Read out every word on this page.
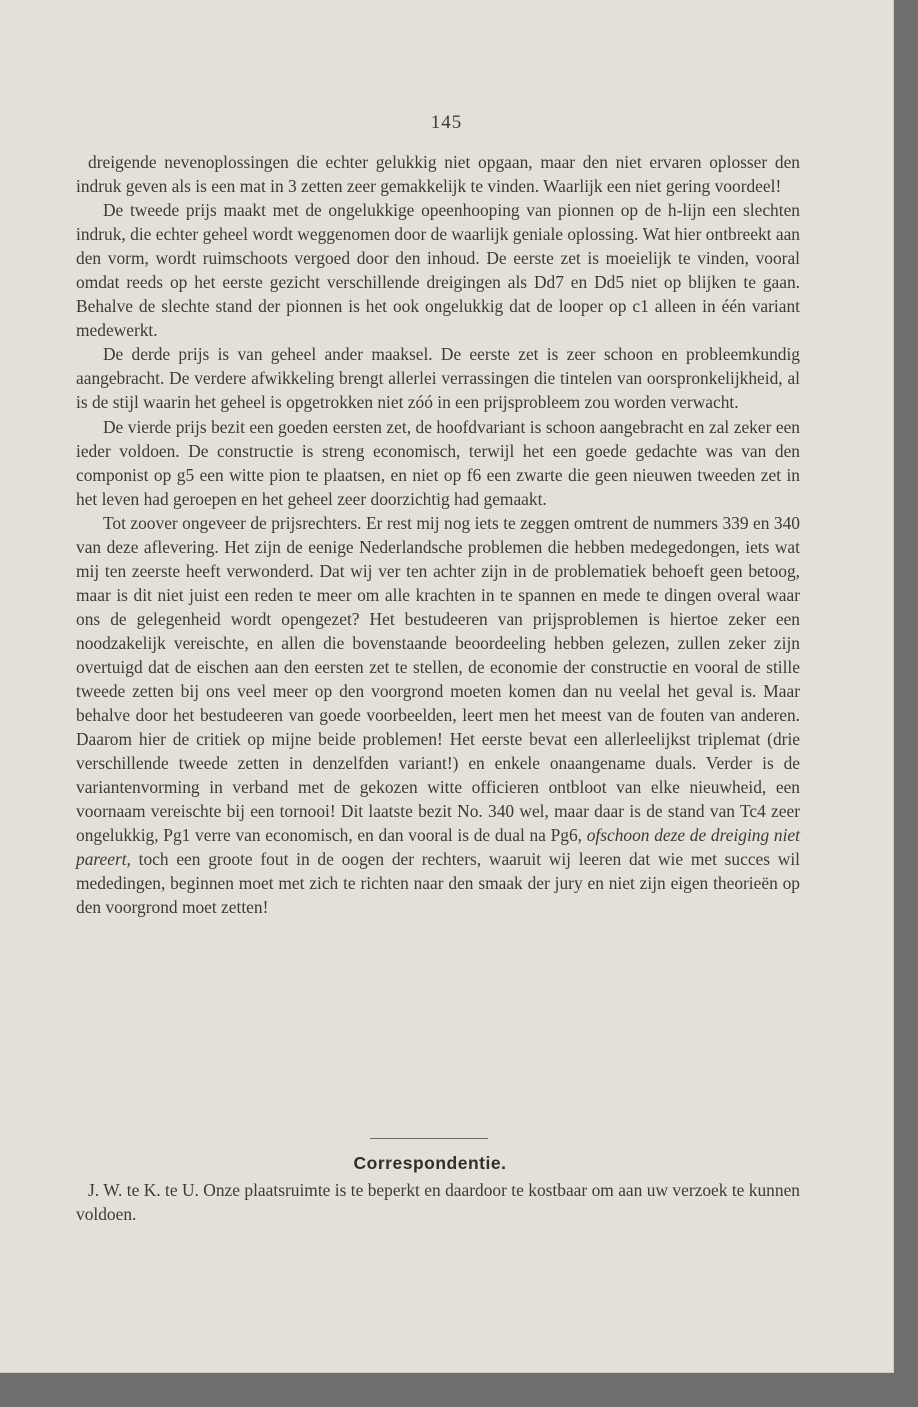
145

dreigende nevenoplossingen die echter gelukkig niet opgaan, maar den niet ervaren oplosser den indruk geven als is een mat in 3 zetten zeer gemakkelijk te vinden. Waarlijk een niet gering voordeel!

De tweede prijs maakt met de ongelukkige opeenhooping van pionnen op de h-lijn een slechten indruk, die echter geheel wordt weggenomen door de waarlijk geniale oplossing. Wat hier ontbreekt aan den vorm, wordt ruimschoots vergoed door den inhoud. De eerste zet is moeielijk te vinden, vooral omdat reeds op het eerste gezicht verschillende dreigingen als Dd7 en Dd5 niet op blijken te gaan. Behalve de slechte stand der pionnen is het ook ongelukkig dat de looper op c1 alleen in één variant medewerkt.

De derde prijs is van geheel ander maaksel. De eerste zet is zeer schoon en probleemkundig aangebracht. De verdere afwikkeling brengt allerlei verrassingen die tintelen van oorspronkelijkheid, al is de stijl waarin het geheel is opgetrokken niet zóó in een prijsprobleem zou worden verwacht.

De vierde prijs bezit een goeden eersten zet, de hoofdvariant is schoon aangebracht en zal zeker een ieder voldoen. De constructie is streng economisch, terwijl het een goede gedachte was van den componist op g5 een witte pion te plaatsen, en niet op f6 een zwarte die geen nieuwen tweeden zet in het leven had geroepen en het geheel zeer doorzichtig had gemaakt.

Tot zoover ongeveer de prijsrechters. Er rest mij nog iets te zeggen omtrent de nummers 339 en 340 van deze aflevering. Het zijn de eenige Nederlandsche problemen die hebben medegedongen, iets wat mij ten zeerste heeft verwonderd. Dat wij ver ten achter zijn in de problematiek behoeft geen betoog, maar is dit niet juist een reden te meer om alle krachten in te spannen en mede te dingen overal waar ons de gelegenheid wordt opengezet? Het bestudeeren van prijsproblemen is hiertoe zeker een noodzakelijk vereischte, en allen die bovenstaande beoordeeling hebben gelezen, zullen zeker zijn overtuigd dat de eischen aan den eersten zet te stellen, de economie der constructie en vooral de stille tweede zetten bij ons veel meer op den voorgrond moeten komen dan nu veelal het geval is. Maar behalve door het bestudeeren van goede voorbeelden, leert men het meest van de fouten van anderen. Daarom hier de critiek op mijne beide problemen! Het eerste bevat een allerleelijkst triplemat (drie verschillende tweede zetten in denzelfden variant!) en enkele onaangename duals. Verder is de variantenvorming in verband met de gekozen witte officieren ontbloot van elke nieuwheid, een voornaam vereischte bij een tornooi! Dit laatste bezit No. 340 wel, maar daar is de stand van Tc4 zeer ongelukkig, Pg1 verre van economisch, en dan vooral is de dual na Pg6, ofschoon deze de dreiging niet pareert, toch een groote fout in de oogen der rechters, waaruit wij leeren dat wie met succes wil mededingen, beginnen moet met zich te richten naar den smaak der jury en niet zijn eigen theorieën op den voorgrond moet zetten!

Correspondentie.

J. W. te K. te U. Onze plaatsruimte is te beperkt en daardoor te kostbaar om aan uw verzoek te kunnen voldoen.
